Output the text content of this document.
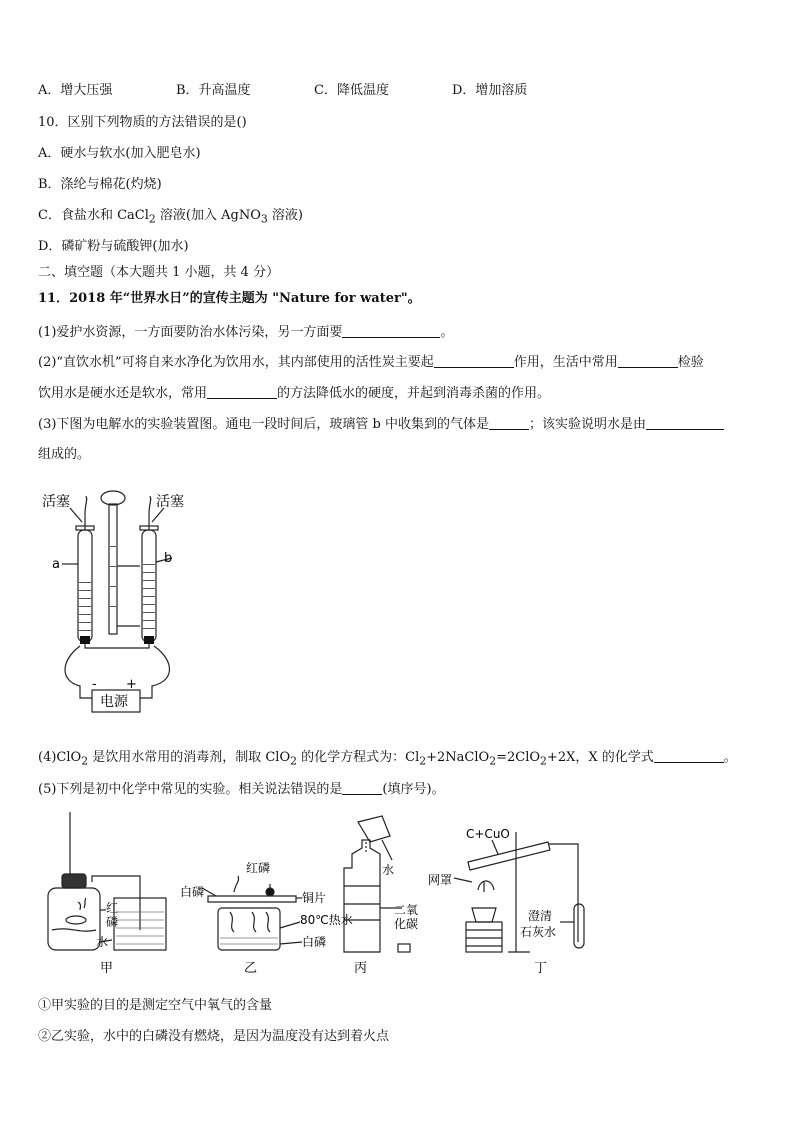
A．增大压强	B．升高温度	C．降低温度	D．增加溶质
10．区别下列物质的方法错误的是()
A．硬水与软水(加入肥皂水)
B．涤纶与棉花(灼烧)
C．食盐水和 CaCl$_2$ 溶液(加入 AgNO$_3$ 溶液)
D．磷矿粉与硫酸钾(加水)
二、填空题（本大题共 1 小题，共 4 分）
11．2018 年“世界水日”的宣传主题为 "Nature for water"。
(1)爱护水资源，一方面要防治水体污染，另一方面要	。
(2)“直饮水机”可将自来水净化为饮用水，其内部使用的活性炭主要起	作用，生活中常用	检验
饮用水是硬水还是软水，常用	的方法降低水的硬度，并起到消毒杀菌的作用。
(3)下图为电解水的实验装置图。通电一段时间后，玻璃管 b 中收集到的气体是	；该实验说明水是由
组成的。
活塞	活塞
a	b
- +
电源
(4)ClO$_2$ 是饮用水常用的消毒剂，制取 ClO$_2$ 的化学方程式为：$Cl_2+2NaClO_2=2ClO_2+2X$，X 的化学式	。
(5)下列是初中化学中常见的实验。相关说法错误的是	(填序号)。
红
磷
水
甲
红磷
白磷	铜片
80℃热水
白磷
乙
水
二氧
化碳
丙
C+CuO
网罩
澄清
石灰水
丁
①甲实验的目的是测定空气中氧气的含量
②乙实验，水中的白磷没有燃烧，是因为温度没有达到着火点
